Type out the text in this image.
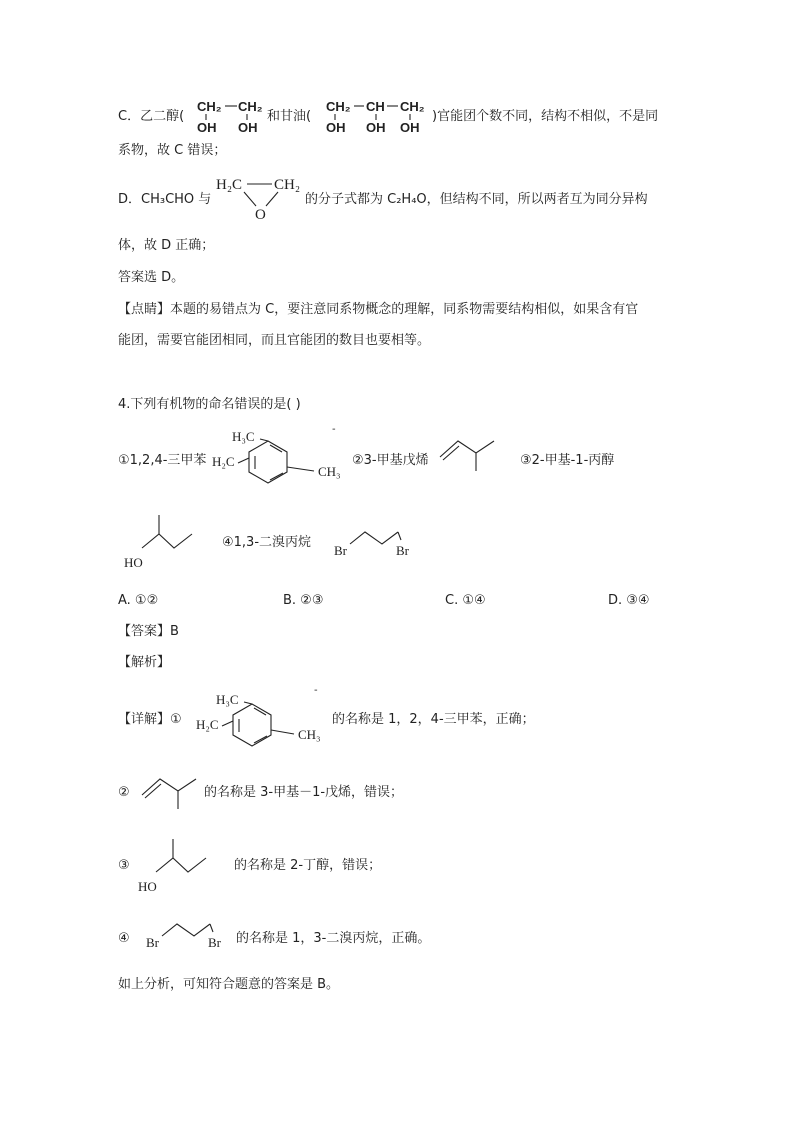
C．乙二醇(
CH₂ CH₂
OH OH
和甘油(
CH₂ CH CH₂
OH OH OH
)官能团个数不同，结构不相似，不是同
系物，故 C 错误；
D．CH₃CHO 与
H₂C CH₂
O
的分子式都为 C₂H₄O，但结构不同，所以两者互为同分异构
体，故 D 正确；
答案选 D。
【点睛】本题的易错点为 C，要注意同系物概念的理解，同系物需要结构相似，如果含有官
能团，需要官能团相同，而且官能团的数目也要相等。
4.下列有机物的命名错误的是( )
①1,2,4-三甲苯
H₃C
H₂C
CH₃
-
②3-甲基戊烯	③2-甲基-1-丙醇
HO
④1,3-二溴丙烷
Br	Br
A. ①②	B. ②③	C. ①④	D. ③④
【答案】B
【解析】
【详解】①
H₃C
H₂C
CH₃
-
的名称是 1，2，4-三甲苯，正确；
②	的名称是 3-甲基－1-戊烯，错误；
③
HO
的名称是 2-丁醇，错误；
④ Br	Br 的名称是 1，3-二溴丙烷，正确。
如上分析，可知符合题意的答案是 B。
